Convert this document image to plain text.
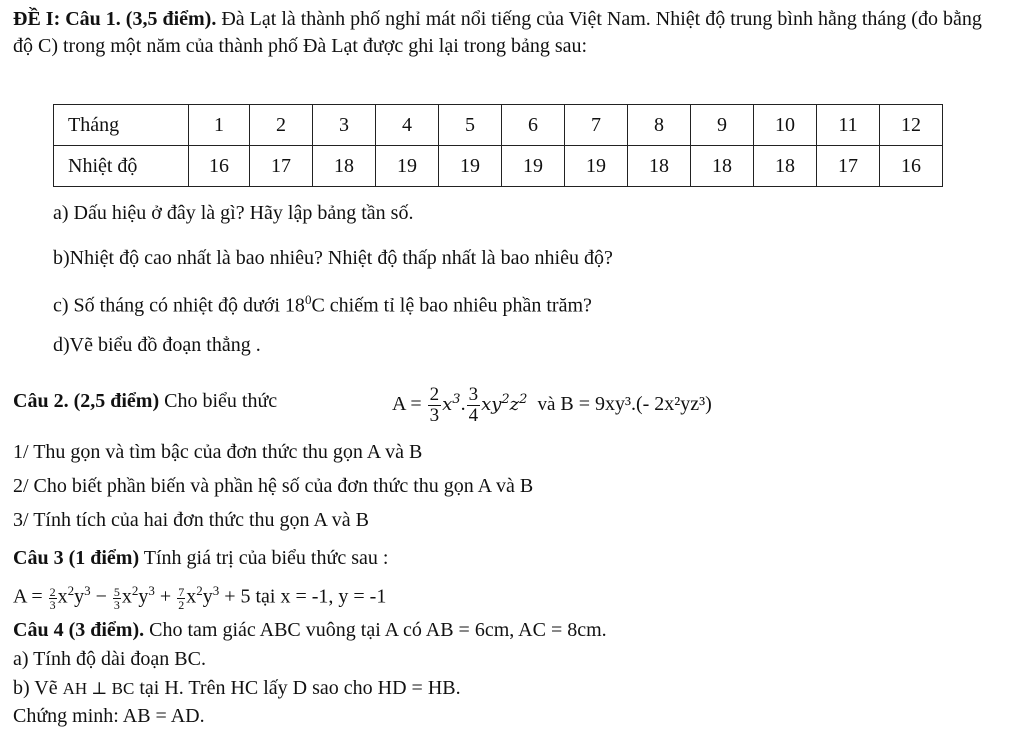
ĐỀ I: Câu 1. (3,5 điểm). Đà Lạt là thành phố nghỉ mát nổi tiếng của Việt Nam. Nhiệt độ trung bình hằng tháng (đo bằng độ C) trong một năm của thành phố Đà Lạt được ghi lại trong bảng sau:
Tháng	1	2	3	4	5	6	7	8	9	10	11	12
Nhiệt độ	16	17	18	19	19	19	19	18	18	18	17	16
a) Dấu hiệu ở đây là gì? Hãy lập bảng tần số.
b)Nhiệt độ cao nhất là bao nhiêu? Nhiệt độ thấp nhất là bao nhiêu độ?
c) Số tháng có nhiệt độ dưới $18^0C$ chiếm tỉ lệ bao nhiêu phần trăm?
d)Vẽ biểu đồ đoạn thẳng .
Câu 2. (2,5 điểm) Cho biểu thức	$A = \frac{2}{3} x^3$. $\frac{3}{4} xy^2z^2$ và B = 9xy³.(- 2x²yz³)
1/ Thu gọn và tìm bậc của đơn thức thu gọn A và B
2/ Cho biết phần biến và phần hệ số của đơn thức thu gọn A và B
3/ Tính tích của hai đơn thức thu gọn A và B
Câu 3 (1 điểm) Tính giá trị của biểu thức sau :
$A = \frac{2}{3} x^2y^3 - \frac{5}{3} x^2y^3 + \frac{7}{2} x^2y^3 + 5$ tại x = -1, y = -1
Câu 4 (3 điểm). Cho tam giác ABC vuông tại A có AB = 6cm, AC = 8cm.
a) Tính độ dài đoạn BC.
b) Vẽ AH ⊥ BC tại H. Trên HC lấy D sao cho HD = HB.
Chứng minh: AB = AD.
